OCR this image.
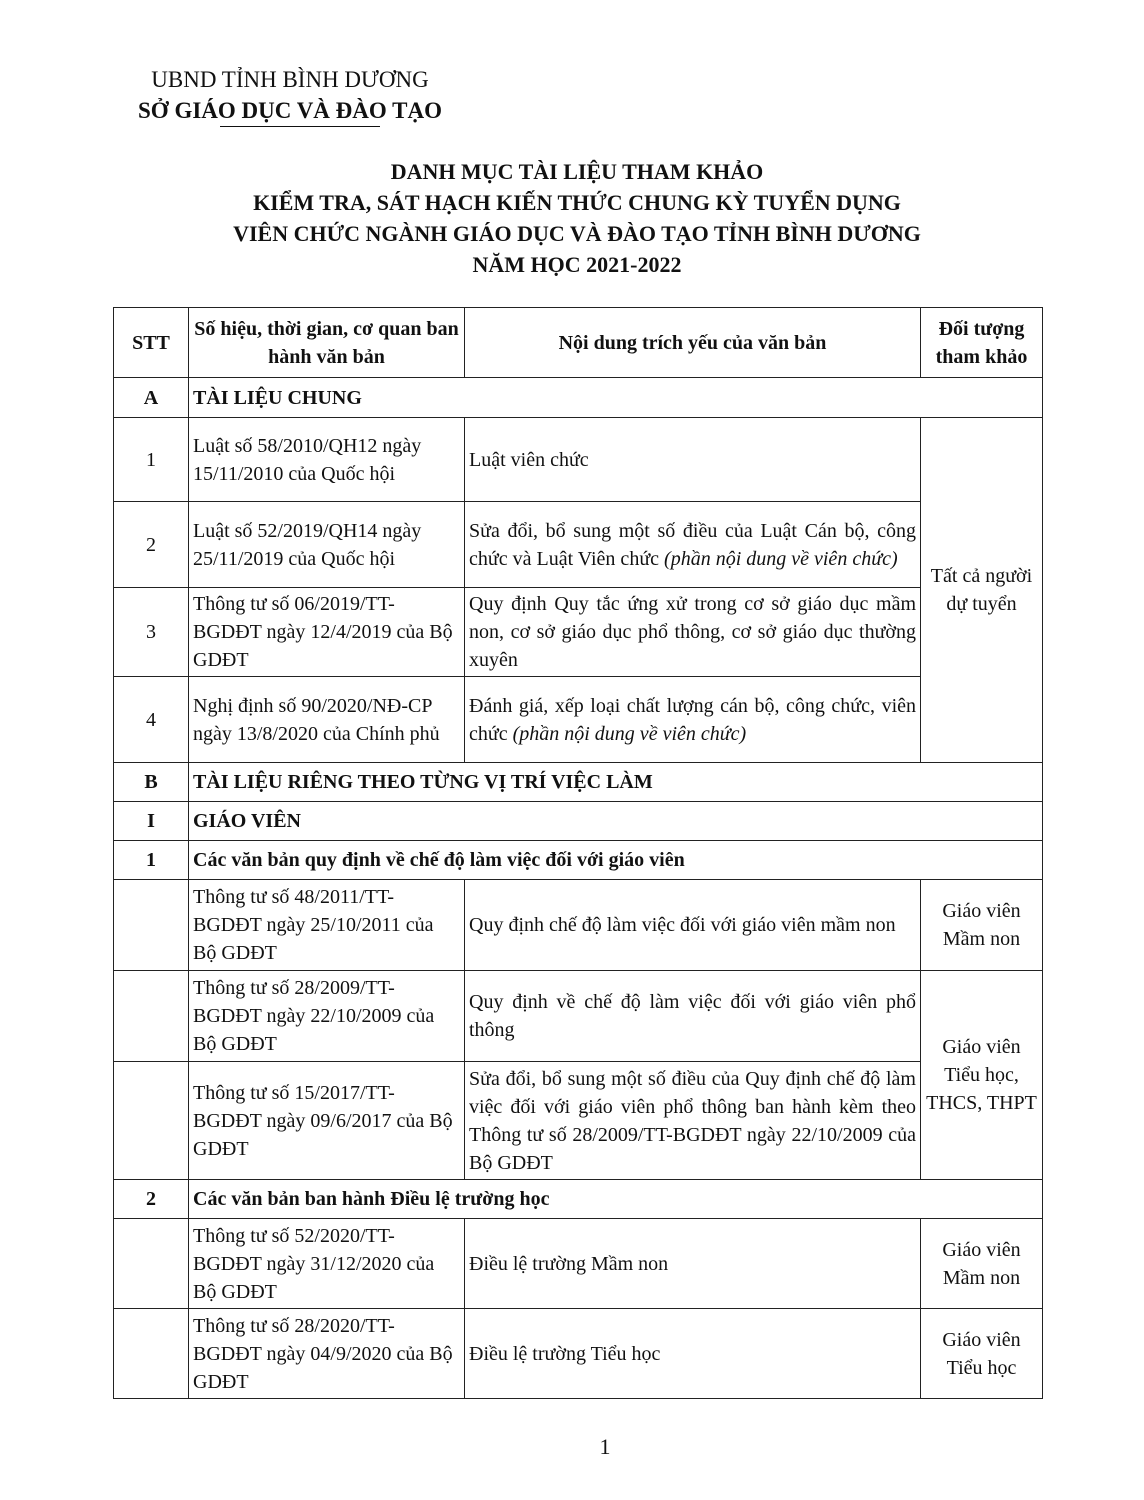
UBND TỈNH BÌNH DƯƠNG
SỞ GIÁO DỤC VÀ ĐÀO TẠO
DANH MỤC TÀI LIỆU THAM KHẢO
KIỂM TRA, SÁT HẠCH KIẾN THỨC CHUNG KỲ TUYỂN DỤNG
VIÊN CHỨC NGÀNH GIÁO DỤC VÀ ĐÀO TẠO TỈNH BÌNH DƯƠNG
NĂM HỌC 2021-2022
STT	Số hiệu, thời gian, cơ quan ban hành văn bản	Nội dung trích yếu của văn bản	Đối tượng tham khảo
A	TÀI LIỆU CHUNG		
1	Luật số 58/2010/QH12 ngày 15/11/2010 của Quốc hội	Luật viên chức	Tất cả người dự tuyển
2	Luật số 52/2019/QH14 ngày 25/11/2019 của Quốc hội	Sửa đổi, bổ sung một số điều của Luật Cán bộ, công chức và Luật Viên chức (phần nội dung về viên chức)	
3	Thông tư số 06/2019/TT-BGDĐT ngày 12/4/2019 của Bộ GDĐT	Quy định Quy tắc ứng xử trong cơ sở giáo dục mầm non, cơ sở giáo dục phổ thông, cơ sở giáo dục thường xuyên	
4	Nghị định số 90/2020/NĐ-CP ngày 13/8/2020 của Chính phủ	Đánh giá, xếp loại chất lượng cán bộ, công chức, viên chức (phần nội dung về viên chức)	
B	TÀI LIỆU RIÊNG THEO TỪNG VỊ TRÍ VIỆC LÀM		
I	GIÁO VIÊN		
1	Các văn bản quy định về chế độ làm việc đối với giáo viên		
	Thông tư số 48/2011/TT-BGDĐT ngày 25/10/2011 của Bộ GDĐT	Quy định chế độ làm việc đối với giáo viên mầm non	Giáo viên Mầm non
	Thông tư số 28/2009/TT-BGDĐT ngày 22/10/2009 của Bộ GDĐT	Quy định về chế độ làm việc đối với giáo viên phổ thông	Giáo viên Tiểu học, THCS, THPT
	Thông tư số 15/2017/TT-BGDĐT ngày 09/6/2017 của Bộ GDĐT	Sửa đổi, bổ sung một số điều của Quy định chế độ làm việc đối với giáo viên phổ thông ban hành kèm theo Thông tư số 28/2009/TT-BGDĐT ngày 22/10/2009 của Bộ GDĐT	
2	Các văn bản ban hành Điều lệ trường học		
	Thông tư số 52/2020/TT-BGDĐT ngày 31/12/2020 của Bộ GDĐT	Điều lệ trường Mầm non	Giáo viên Mầm non
	Thông tư số 28/2020/TT-BGDĐT ngày 04/9/2020 của Bộ GDĐT	Điều lệ trường Tiểu học	Giáo viên Tiểu học
1
